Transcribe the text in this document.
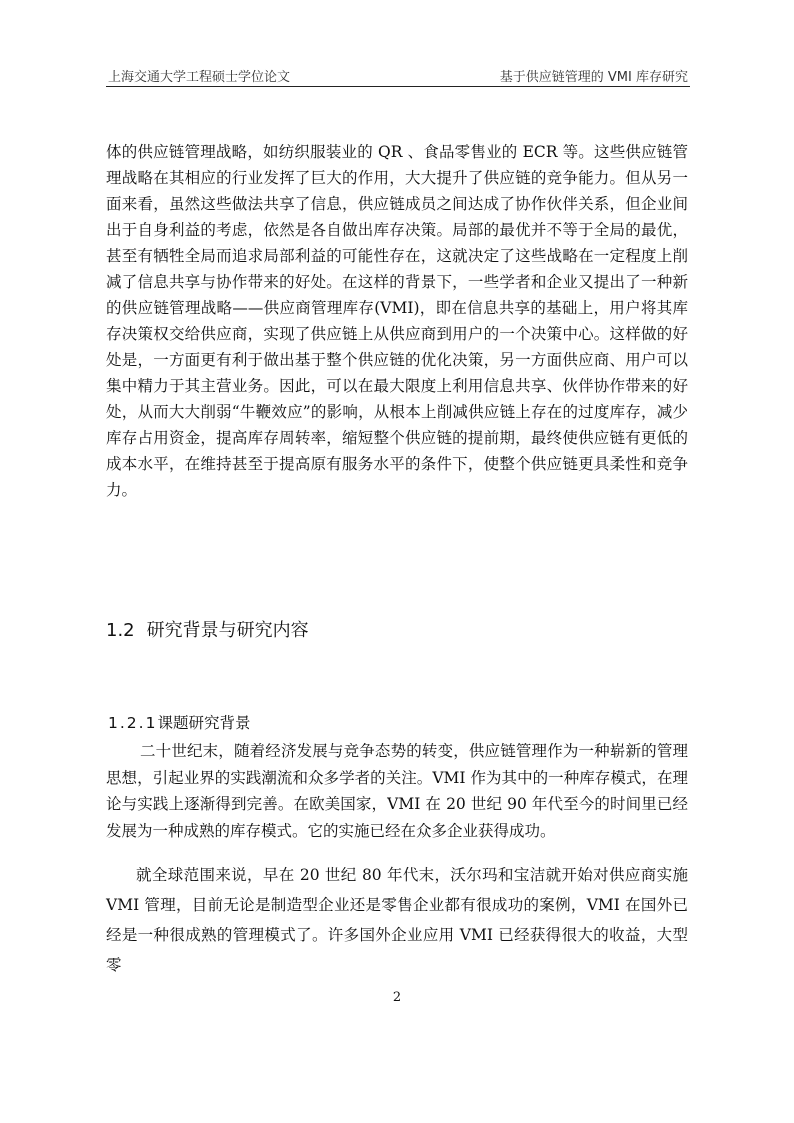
上海交通大学工程硕士学位论文	基于供应链管理的 VMI 库存研究

体的供应链管理战略，如纺织服装业的 QR 、食品零售业的 ECR 等。这些供应链管理战略在其相应的行业发挥了巨大的作用，大大提升了供应链的竞争能力。但从另一面来看，虽然这些做法共享了信息，供应链成员之间达成了协作伙伴关系，但企业间出于自身利益的考虑，依然是各自做出库存决策。局部的最优并不等于全局的最优，甚至有牺牲全局而追求局部利益的可能性存在，这就决定了这些战略在一定程度上削减了信息共享与协作带来的好处。在这样的背景下，一些学者和企业又提出了一种新的供应链管理战略——供应商管理库存(VMI)，即在信息共享的基础上，用户将其库存决策权交给供应商，实现了供应链上从供应商到用户的一个决策中心。这样做的好处是，一方面更有利于做出基于整个供应链的优化决策，另一方面供应商、用户可以集中精力于其主营业务。因此，可以在最大限度上利用信息共享、伙伴协作带来的好处，从而大大削弱“牛鞭效应”的影响，从根本上削减供应链上存在的过度库存，减少库存占用资金，提高库存周转率，缩短整个供应链的提前期，最终使供应链有更低的成本水平，在维持甚至于提高原有服务水平的条件下，使整个供应链更具柔性和竞争力。

1.2 研究背景与研究内容
1.2.1课题研究背景

二十世纪末，随着经济发展与竞争态势的转变，供应链管理作为一种崭新的管理思想，引起业界的实践潮流和众多学者的关注。VMI 作为其中的一种库存模式，在理论与实践上逐渐得到完善。在欧美国家，VMI 在 20 世纪 90 年代至今的时间里已经发展为一种成熟的库存模式。它的实施已经在众多企业获得成功。

就全球范围来说，早在 20 世纪 80 年代末，沃尔玛和宝洁就开始对供应商实施 VMI 管理，目前无论是制造型企业还是零售企业都有很成功的案例，VMI 在国外已经是一种很成熟的管理模式了。许多国外企业应用 VMI 已经获得很大的收益，大型零

2
